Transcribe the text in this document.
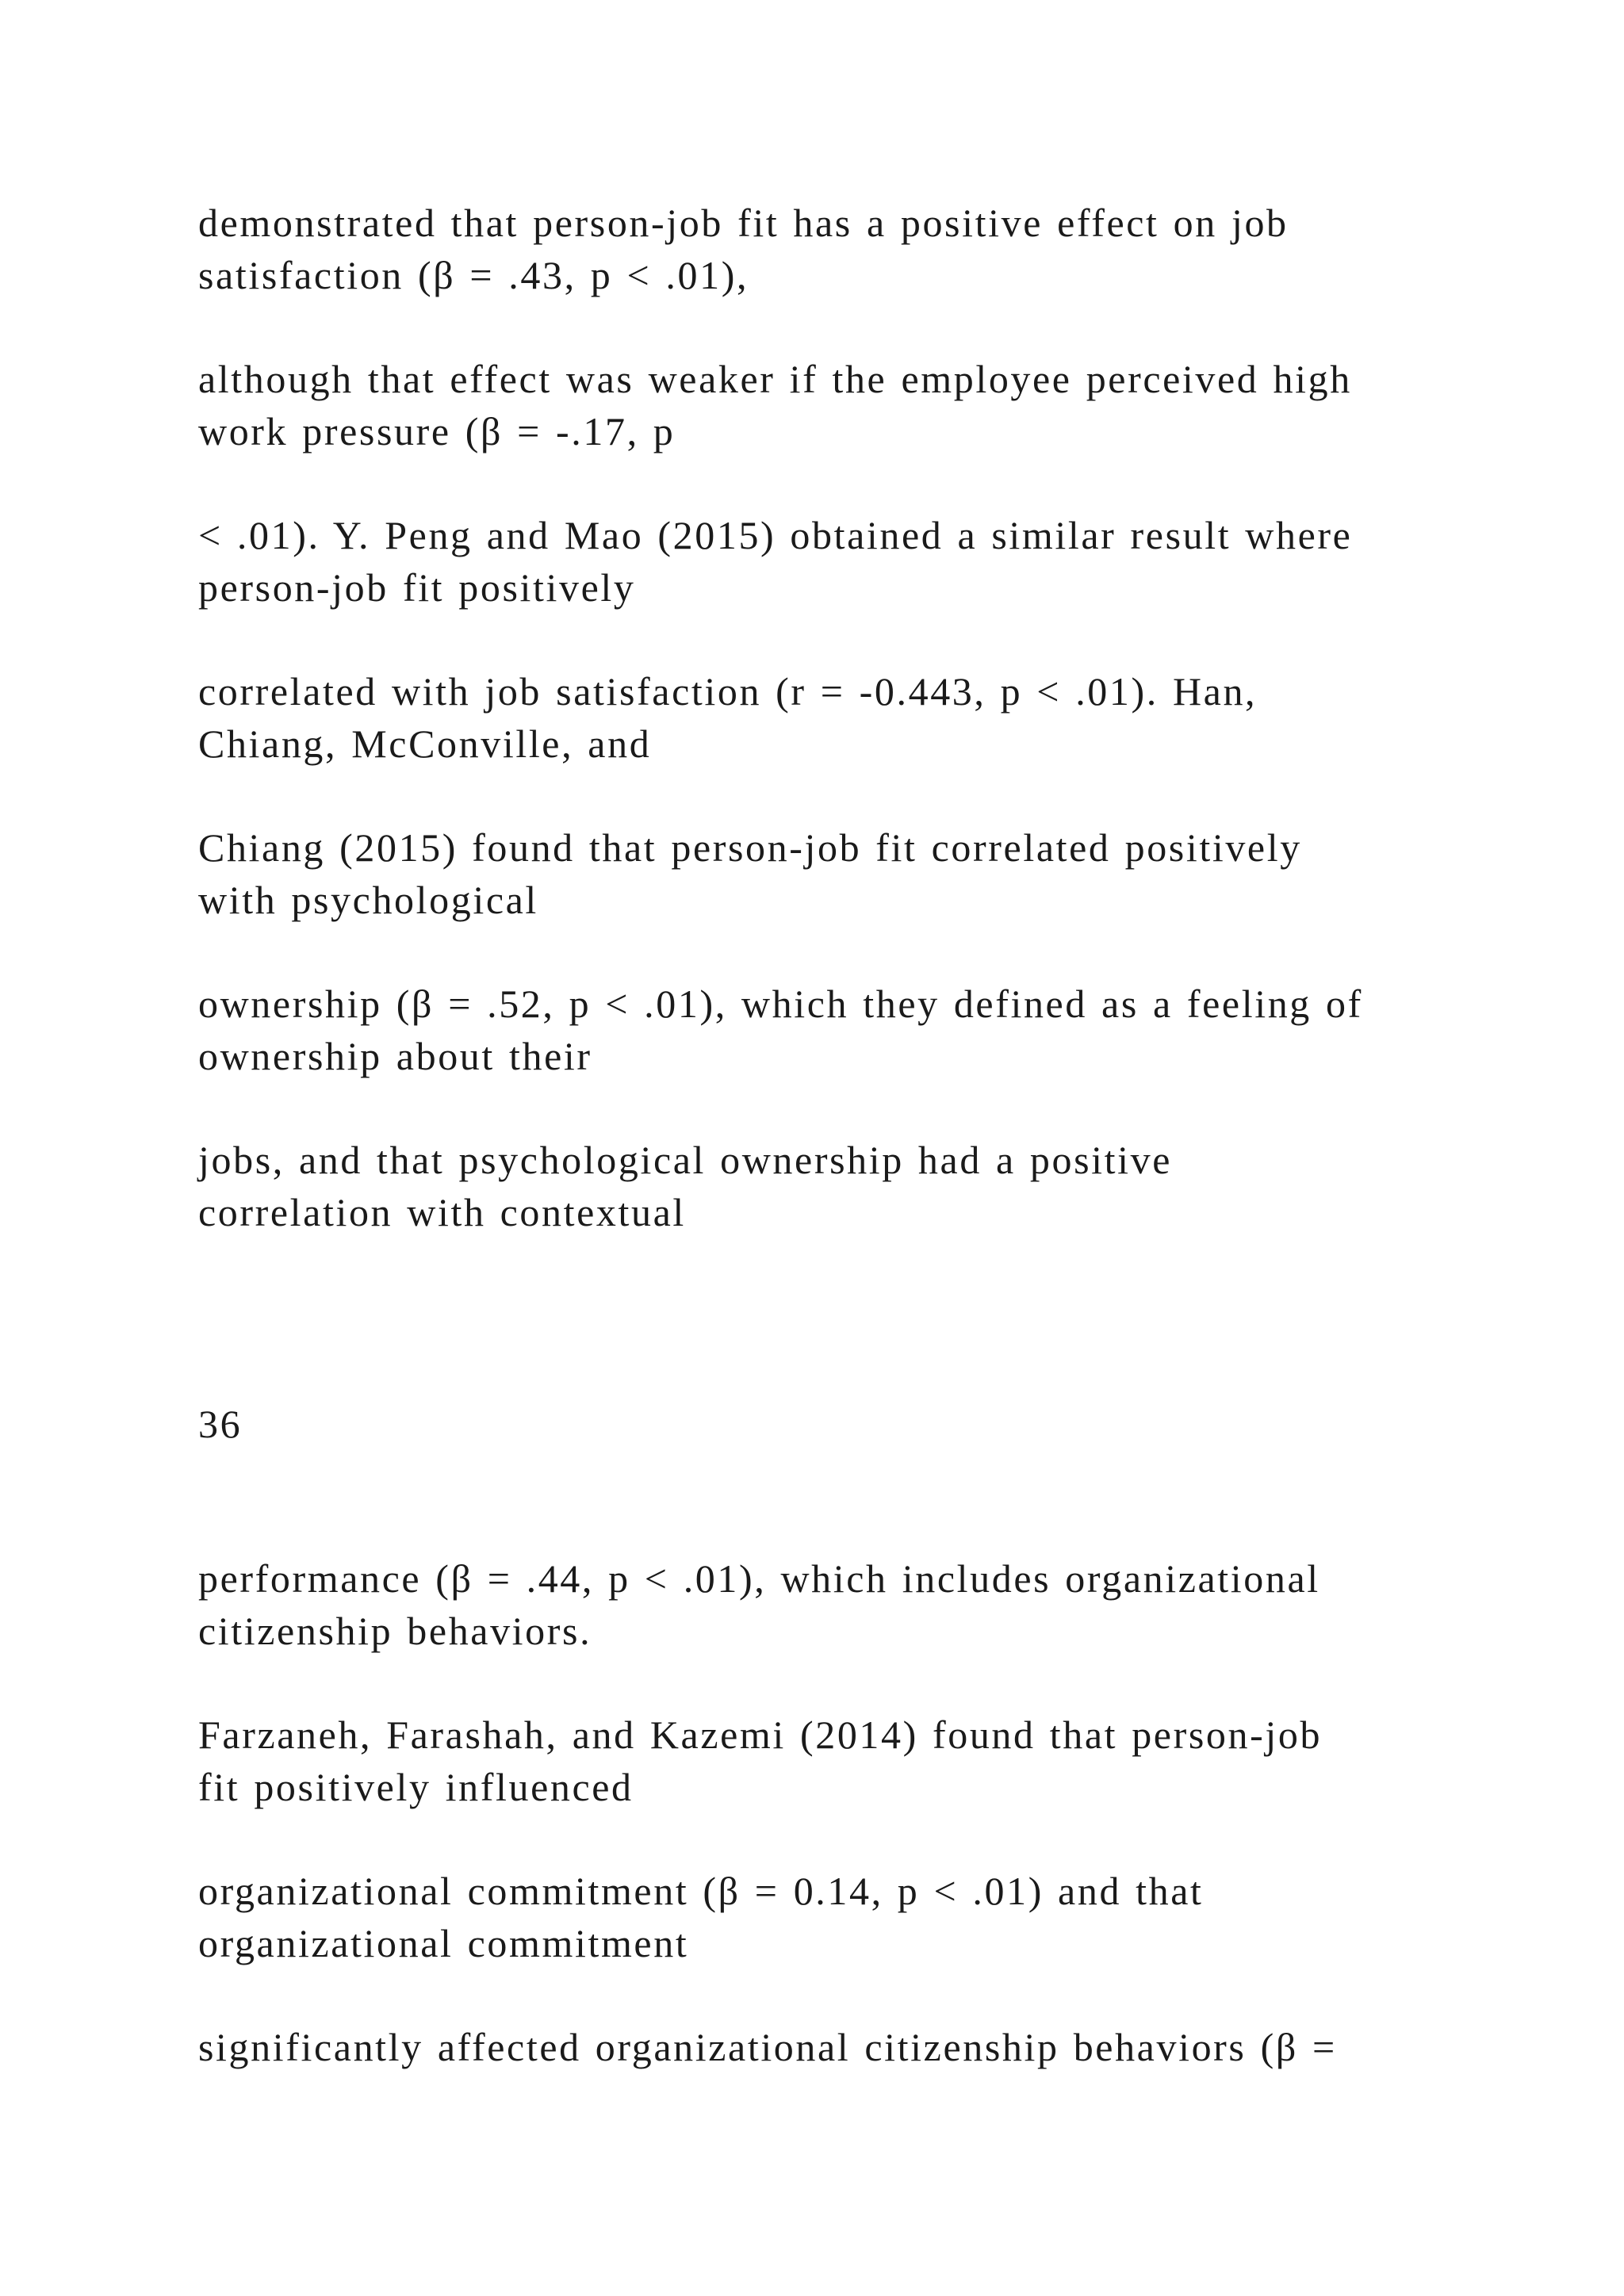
demonstrated that person-job fit has a positive effect on job
satisfaction (β = .43, p < .01),

although that effect was weaker if the employee perceived high
work pressure (β = -.17, p

< .01). Y. Peng and Mao (2015) obtained a similar result where
person-job fit positively

correlated with job satisfaction (r = -0.443, p < .01). Han,
Chiang, McConville, and

Chiang (2015) found that person-job fit correlated positively
with psychological

ownership (β = .52, p < .01), which they defined as a feeling of
ownership about their

jobs, and that psychological ownership had a positive
correlation with contextual

36

performance (β = .44, p < .01), which includes organizational
citizenship behaviors.

Farzaneh, Farashah, and Kazemi (2014) found that person-job
fit positively influenced

organizational commitment (β = 0.14, p < .01) and that
organizational commitment

significantly affected organizational citizenship behaviors (β =
